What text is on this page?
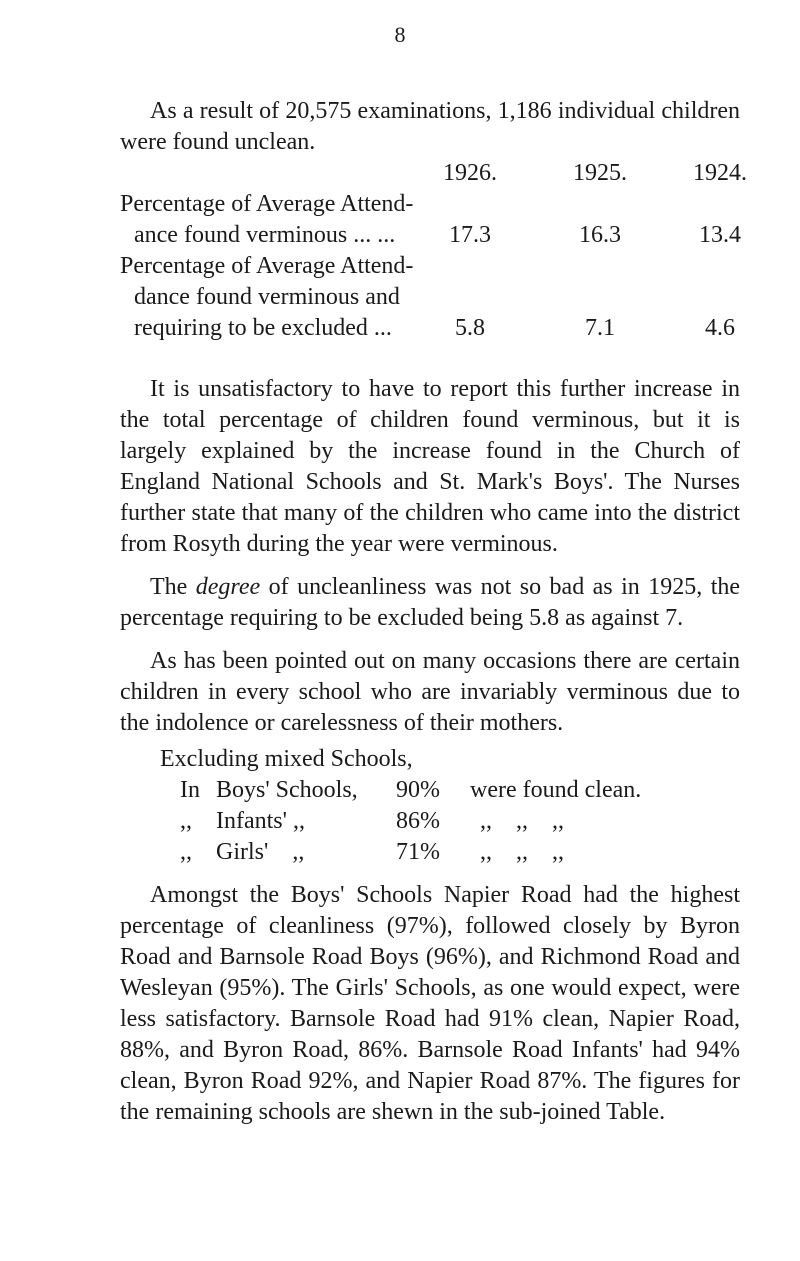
8

As a result of 20,575 examinations, 1,186 individual children were found unclean.

1926.	1925.	1924.
Percentage of Average Attend-
ance found verminous ... ...	17.3	16.3	13.4
Percentage of Average Attend-
dance found verminous and
requiring to be excluded ...	5.8	7.1	4.6

It is unsatisfactory to have to report this further increase in the total percentage of children found verminous, but it is largely explained by the increase found in the Church of England National Schools and St. Mark's Boys'. The Nurses further state that many of the children who came into the district from Rosyth during the year were verminous.

The degree of uncleanliness was not so bad as in 1925, the percentage requiring to be excluded being 5.8 as against 7.

As has been pointed out on many occasions there are certain children in every school who are invariably verminous due to the indolence or carelessness of their mothers.

Excluding mixed Schools,
In Boys' Schools, 90% were found clean.
,, Infants' ,,	86% ,,    ,,    ,,
,, Girls'    ,,	71% ,,    ,,    ,,

Amongst the Boys' Schools Napier Road had the highest percentage of cleanliness (97%), followed closely by Byron Road and Barnsole Road Boys (96%), and Richmond Road and Wesleyan (95%). The Girls' Schools, as one would expect, were less satisfactory. Barnsole Road had 91% clean, Napier Road, 88%, and Byron Road, 86%. Barnsole Road Infants' had 94% clean, Byron Road 92%, and Napier Road 87%. The figures for the remaining schools are shewn in the sub-joined Table.
